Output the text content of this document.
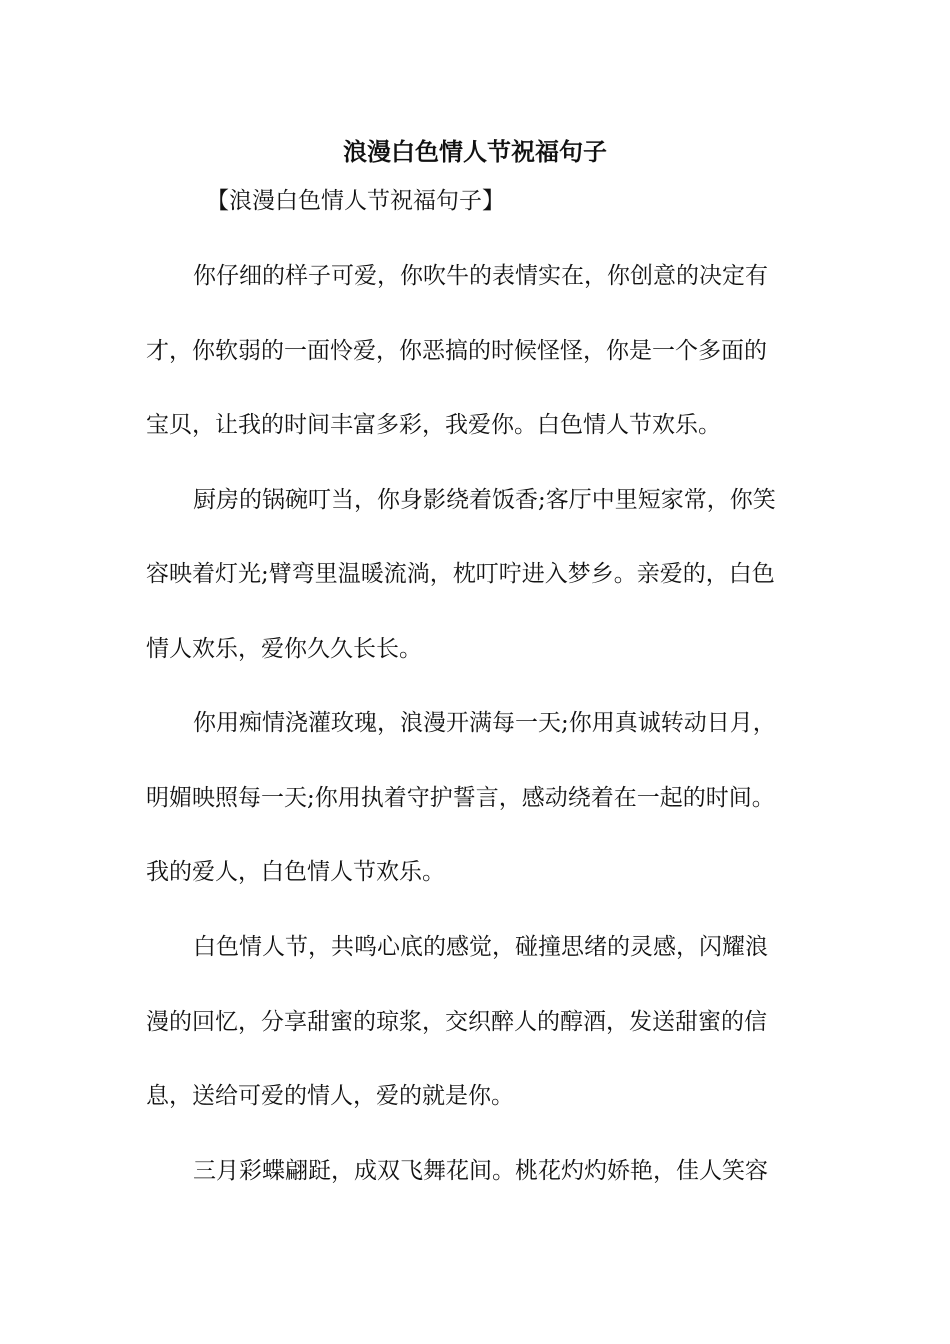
浪漫白色情人节祝福句子
【浪漫白色情人节祝福句子】
你仔细的样子可爱，你吹牛的表情实在，你创意的决定有
才，你软弱的一面怜爱，你恶搞的时候怪怪，你是一个多面的
宝贝，让我的时间丰富多彩，我爱你。白色情人节欢乐。
厨房的锅碗叮当，你身影绕着饭香;客厅中里短家常，你笑
容映着灯光;臂弯里温暖流淌，枕叮咛进入梦乡。亲爱的，白色
情人欢乐，爱你久久长长。
你用痴情浇灌玫瑰，浪漫开满每一天;你用真诚转动日月，
明媚映照每一天;你用执着守护誓言，感动绕着在一起的时间。
我的爱人，白色情人节欢乐。
白色情人节，共鸣心底的感觉，碰撞思绪的灵感，闪耀浪
漫的回忆，分享甜蜜的琼浆，交织醉人的醇酒，发送甜蜜的信
息，送给可爱的情人，爱的就是你。
三月彩蝶翩跹，成双飞舞花间。桃花灼灼娇艳，佳人笑容
